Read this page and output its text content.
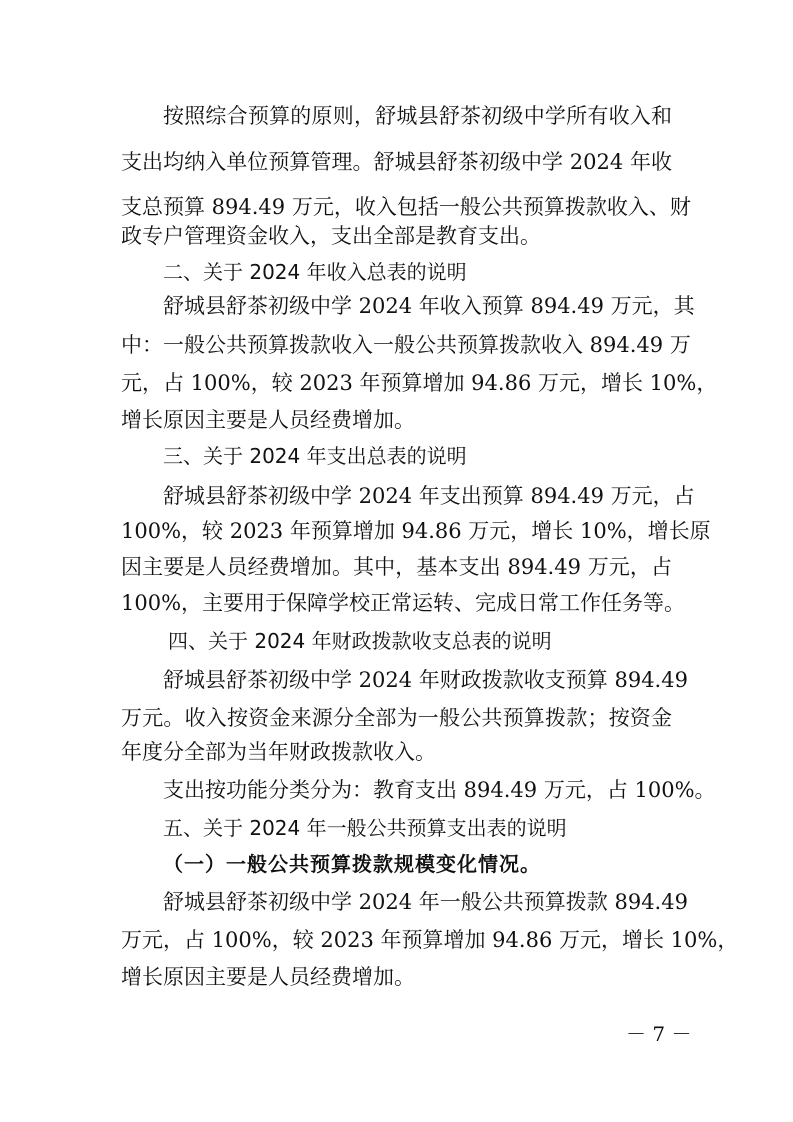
按照综合预算的原则，舒城县舒茶初级中学所有收入和
支出均纳入单位预算管理。舒城县舒茶初级中学 2024 年收
支总预算 894.49 万元，收入包括一般公共预算拨款收入、财
政专户管理资金收入，支出全部是教育支出。
二、关于 2024 年收入总表的说明
舒城县舒茶初级中学 2024 年收入预算 894.49 万元，其
中：一般公共预算拨款收入一般公共预算拨款收入 894.49 万
元，占 100%，较 2023 年预算增加 94.86 万元，增长 10%，
增长原因主要是人员经费增加。
三、关于 2024 年支出总表的说明
舒城县舒茶初级中学 2024 年支出预算 894.49 万元，占
100%，较 2023 年预算增加 94.86 万元，增长 10%，增长原
因主要是人员经费增加。其中，基本支出 894.49 万元，占
100%，主要用于保障学校正常运转、完成日常工作任务等。
四、关于 2024 年财政拨款收支总表的说明
舒城县舒茶初级中学 2024 年财政拨款收支预算 894.49
万元。收入按资金来源分全部为一般公共预算拨款；按资金
年度分全部为当年财政拨款收入。
支出按功能分类分为：教育支出 894.49 万元，占 100%。
五、关于 2024 年一般公共预算支出表的说明
（一）一般公共预算拨款规模变化情况。
舒城县舒茶初级中学 2024 年一般公共预算拨款 894.49
万元，占 100%，较 2023 年预算增加 94.86 万元，增长 10%，
增长原因主要是人员经费增加。
－ 7 －
